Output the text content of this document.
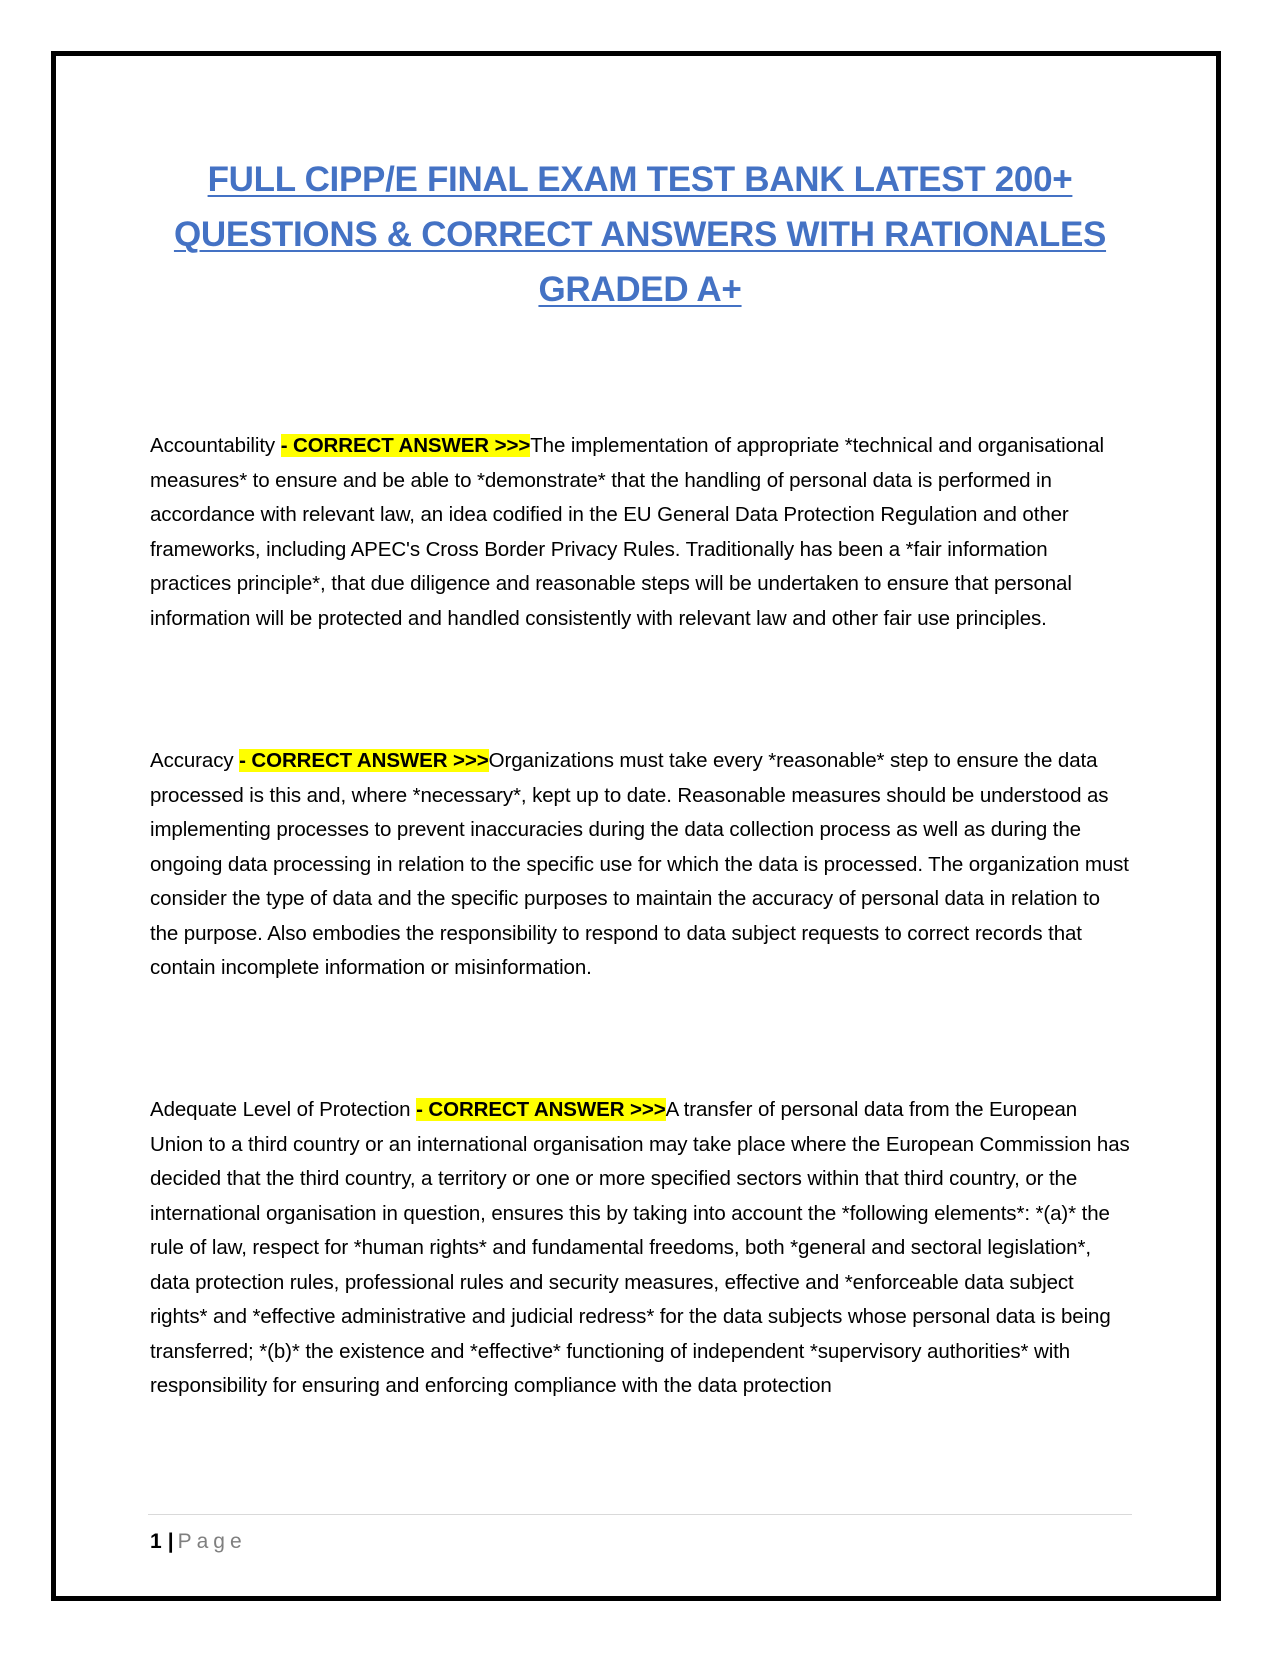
FULL CIPP/E FINAL EXAM TEST BANK LATEST 200+ QUESTIONS & CORRECT ANSWERS WITH RATIONALES GRADED A+
Accountability - CORRECT ANSWER >>>The implementation of appropriate *technical and organisational measures* to ensure and be able to *demonstrate* that the handling of personal data is performed in accordance with relevant law, an idea codified in the EU General Data Protection Regulation and other frameworks, including APEC's Cross Border Privacy Rules. Traditionally has been a *fair information practices principle*, that due diligence and reasonable steps will be undertaken to ensure that personal information will be protected and handled consistently with relevant law and other fair use principles.
Accuracy - CORRECT ANSWER >>>Organizations must take every *reasonable* step to ensure the data processed is this and, where *necessary*, kept up to date. Reasonable measures should be understood as implementing processes to prevent inaccuracies during the data collection process as well as during the ongoing data processing in relation to the specific use for which the data is processed. The organization must consider the type of data and the specific purposes to maintain the accuracy of personal data in relation to the purpose. Also embodies the responsibility to respond to data subject requests to correct records that contain incomplete information or misinformation.
Adequate Level of Protection - CORRECT ANSWER >>>A transfer of personal data from the European Union to a third country or an international organisation may take place where the European Commission has decided that the third country, a territory or one or more specified sectors within that third country, or the international organisation in question, ensures this by taking into account the *following elements*: *(a)* the rule of law, respect for *human rights* and fundamental freedoms, both *general and sectoral legislation*, data protection rules, professional rules and security measures, effective and *enforceable data subject rights* and *effective administrative and judicial redress* for the data subjects whose personal data is being transferred; *(b)* the existence and *effective* functioning of independent *supervisory authorities* with responsibility for ensuring and enforcing compliance with the data protection
1 | Page
